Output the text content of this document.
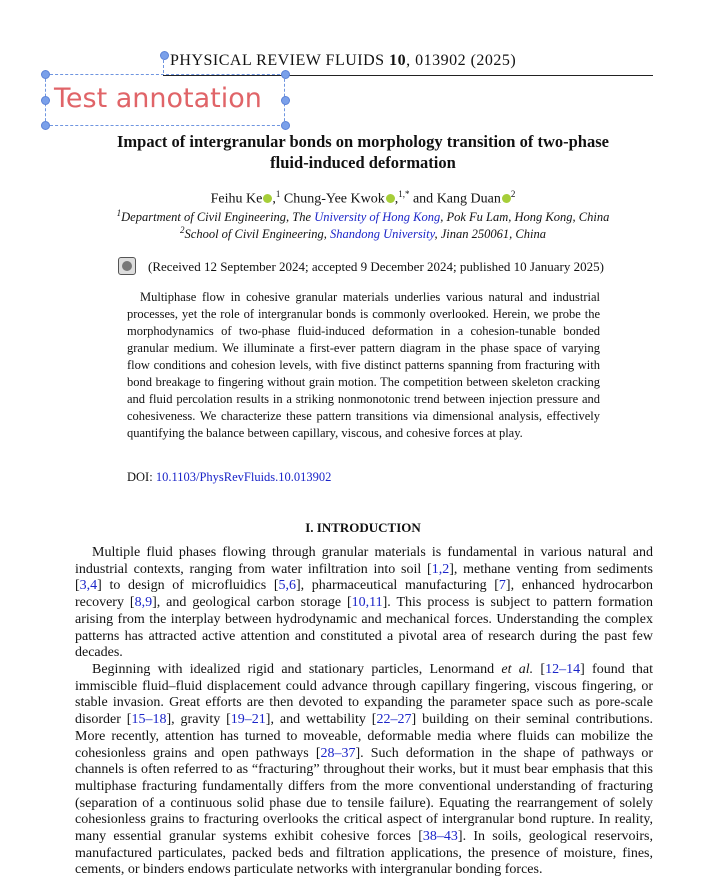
PHYSICAL REVIEW FLUIDS 10, 013902 (2025)
Test annotation
Impact of intergranular bonds on morphology transition of two-phase
fluid-induced deformation
Feihu Ke ,$^1$ Chung-Yee Kwok ,$^{1,*}$ and Kang Duan $^2$
$^1$Department of Civil Engineering, The University of Hong Kong, Pok Fu Lam, Hong Kong, China
$^2$School of Civil Engineering, Shandong University, Jinan 250061, China
(Received 12 September 2024; accepted 9 December 2024; published 10 January 2025)

Multiphase flow in cohesive granular materials underlies various natural and industrial processes, yet the role of intergranular bonds is commonly overlooked. Herein, we probe the morphodynamics of two-phase fluid-induced deformation in a cohesion-tunable bonded granular medium. We illuminate a first-ever pattern diagram in the phase space of varying flow conditions and cohesion levels, with five distinct patterns spanning from fracturing with bond breakage to fingering without grain motion. The competition between skeleton cracking and fluid percolation results in a striking nonmonotonic trend between injection pressure and cohesiveness. We characterize these pattern transitions via dimensional analysis, effectively quantifying the balance between capillary, viscous, and cohesive forces at play.

DOI: 10.1103/PhysRevFluids.10.013902
I. INTRODUCTION

Multiple fluid phases flowing through granular materials is fundamental in various natural and industrial contexts, ranging from water infiltration into soil [1,2], methane venting from sediments [3,4] to design of microfluidics [5,6], pharmaceutical manufacturing [7], enhanced hydrocarbon recovery [8,9], and geological carbon storage [10,11]. This process is subject to pattern formation arising from the interplay between hydrodynamic and mechanical forces. Understanding the complex patterns has attracted active attention and constituted a pivotal area of research during the past few decades.

Beginning with idealized rigid and stationary particles, Lenormand et al. [12–14] found that immiscible fluid–fluid displacement could advance through capillary fingering, viscous fingering, or stable invasion. Great efforts are then devoted to expanding the parameter space such as pore-scale disorder [15–18], gravity [19–21], and wettability [22–27] building on their seminal contributions. More recently, attention has turned to moveable, deformable media where fluids can mobilize the cohesionless grains and open pathways [28–37]. Such deformation in the shape of pathways or channels is often referred to as “fracturing” throughout their works, but it must bear emphasis that this multiphase fracturing fundamentally differs from the more conventional understanding of fracturing (separation of a continuous solid phase due to tensile failure). Equating the rearrangement of solely cohesionless grains to fracturing overlooks the critical aspect of intergranular bond rupture. In reality, many essential granular systems exhibit cohesive forces [38–43]. In soils, geological reservoirs, manufactured particulates, packed beds and filtration applications, the presence of moisture, fines, cements, or binders endows particulate networks with intergranular bonding forces.
